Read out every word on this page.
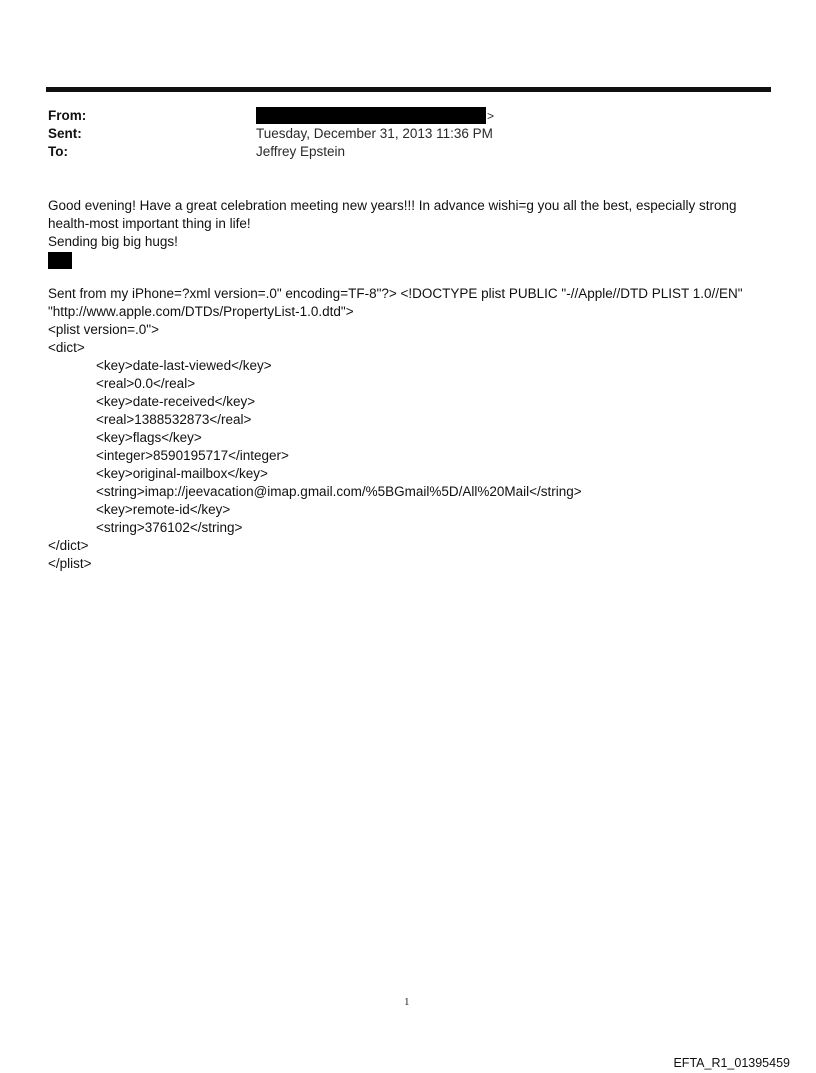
From:	>
Sent:	Tuesday, December 31, 2013 11:36 PM
To:	Jeffrey Epstein

Good evening! Have a great celebration meeting new years!!! In advance wishi=g you all the best, especially strong

health-most important thing in life!

Sending big big hugs!

Sent from my iPhone=?xml version=.0" encoding=TF-8"?> <!DOCTYPE plist PUBLIC "-//Apple//DTD PLIST 1.0//EN"

"http://www.apple.com/DTDs/PropertyList-1.0.dtd">

<plist version=.0">

<dict>

<key>date-last-viewed</key>

<real>0.0</real>

<key>date-received</key>

<real>1388532873</real>

<key>flags</key>

<integer>8590195717</integer>

<key>original-mailbox</key>

<string>imap://jeevacation@imap.gmail.com/%5BGmail%5D/All%20Mail</string>

<key>remote-id</key>

<string>376102</string>

</dict>

</plist>

1
EFTA_R1_01395459
